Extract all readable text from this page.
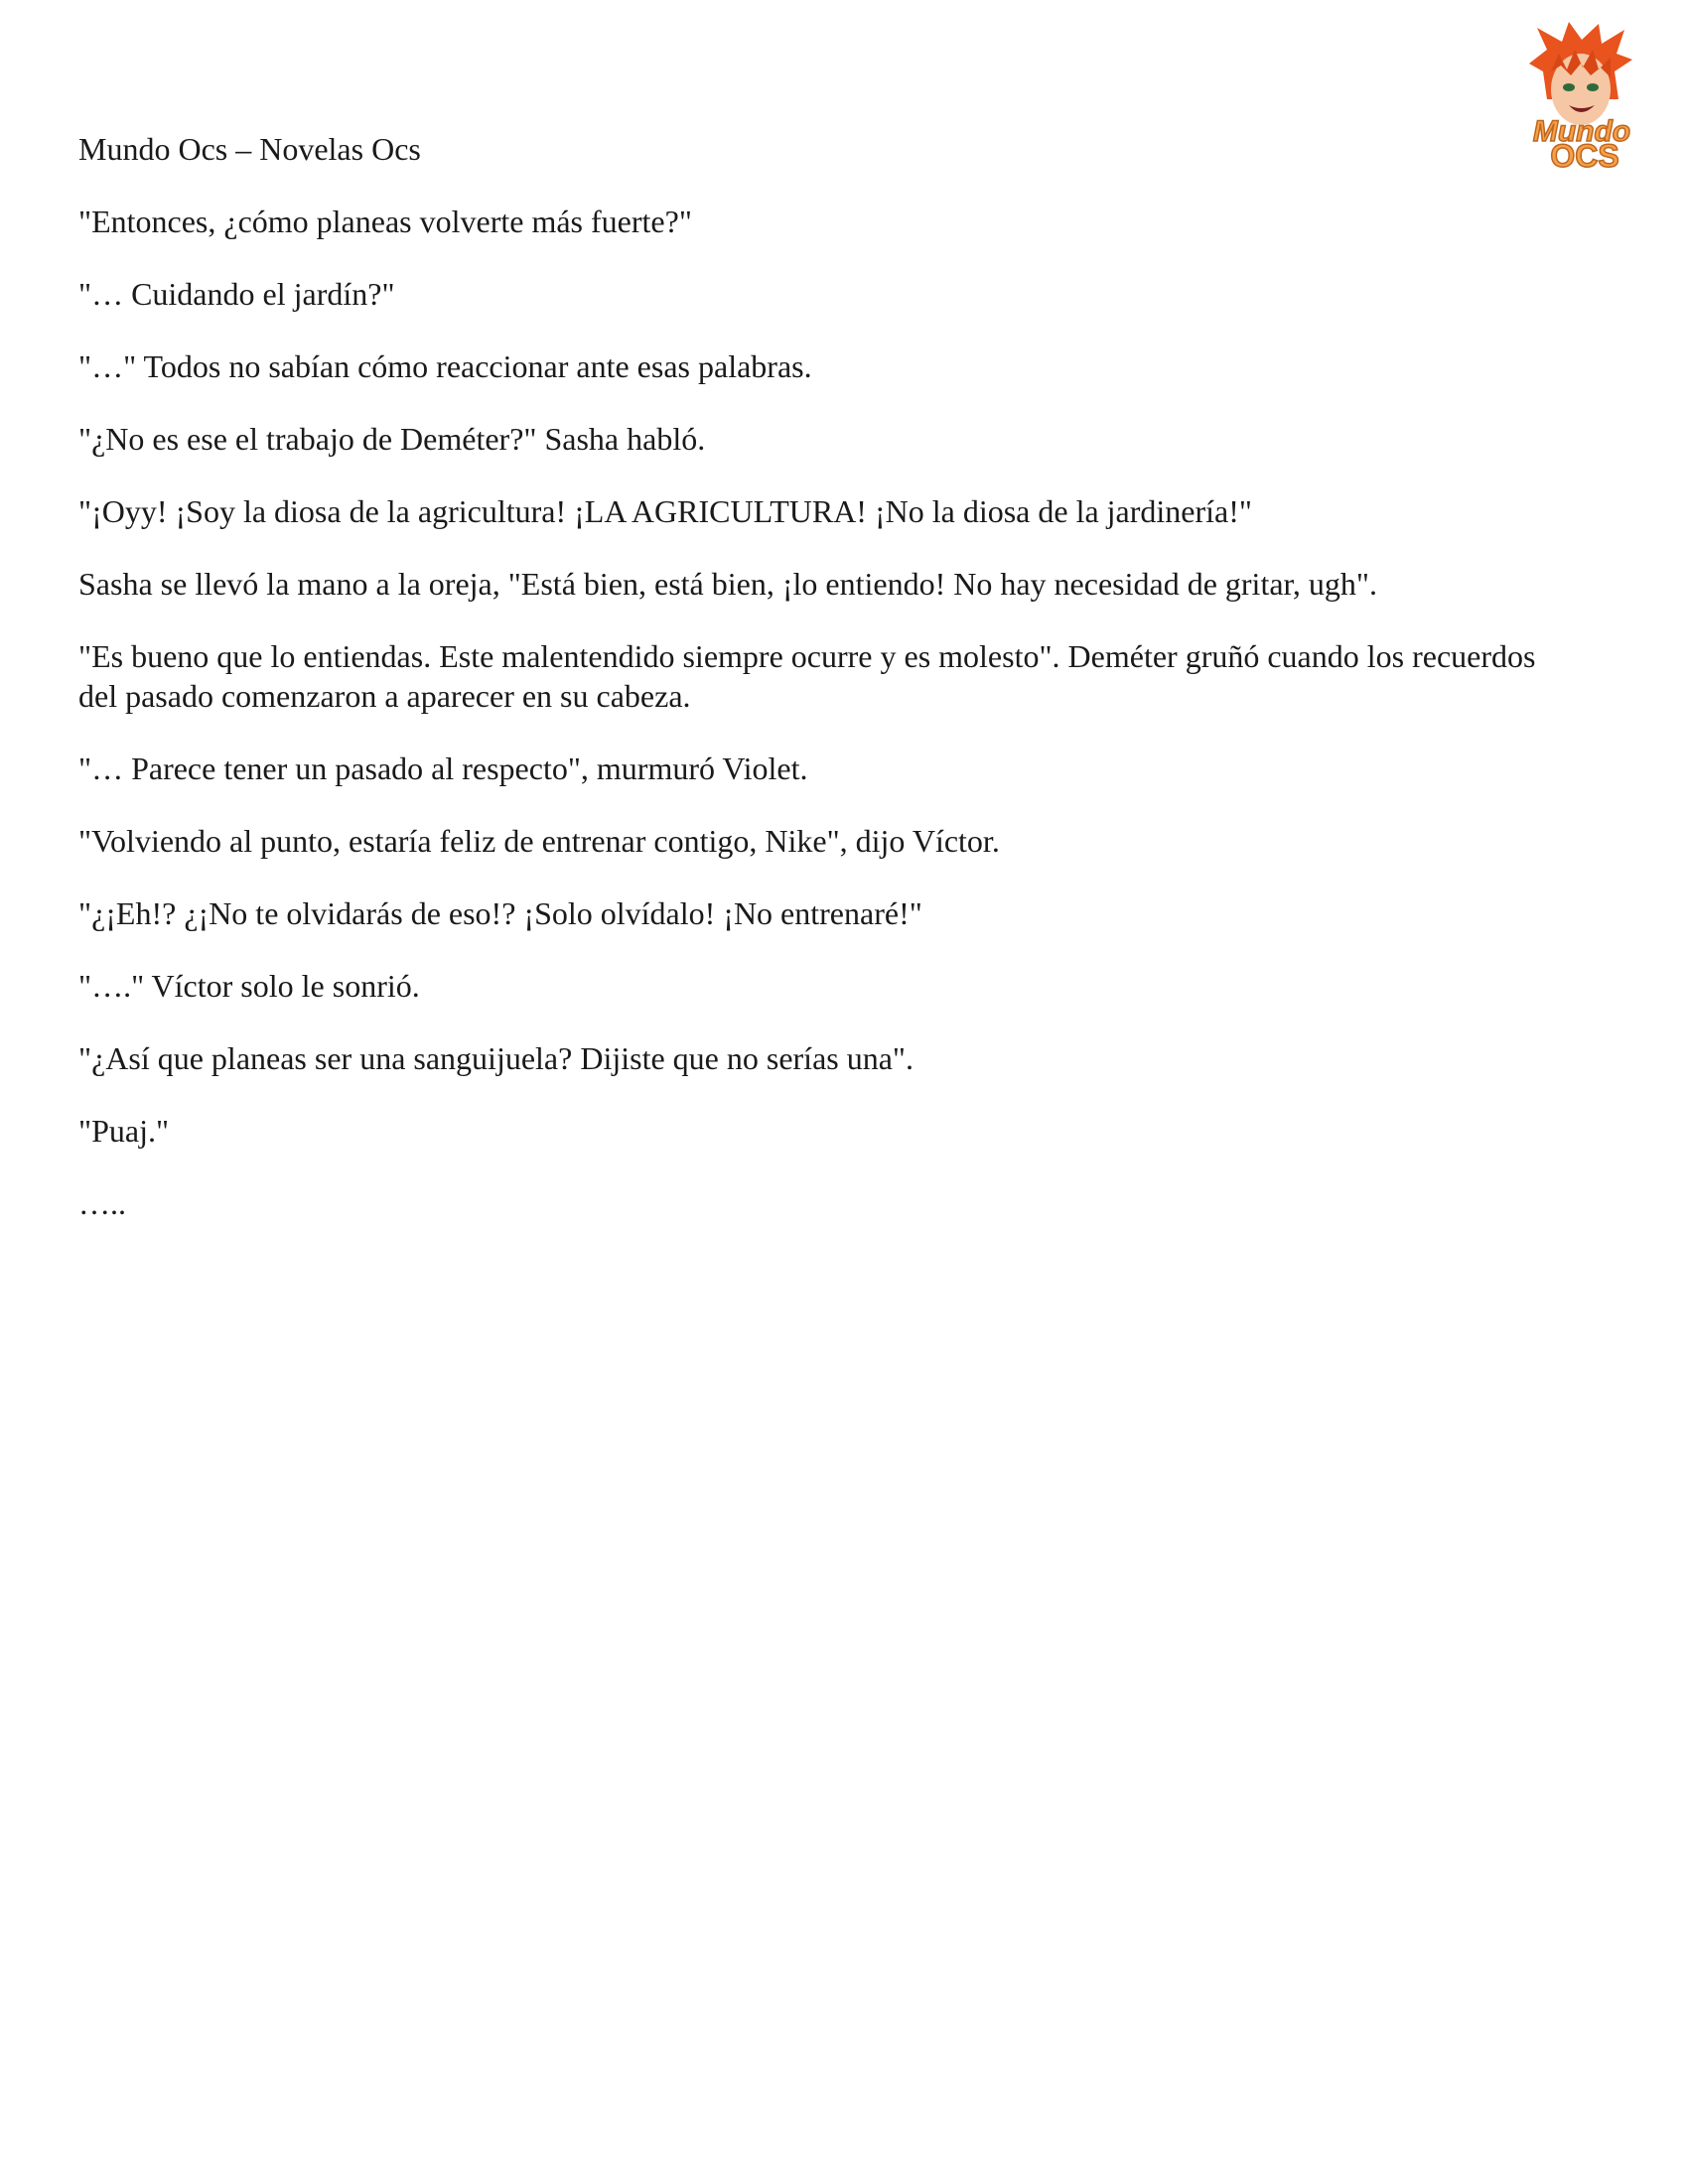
Mundo
OCS

Mundo Ocs – Novelas Ocs

"Entonces, ¿cómo planeas volverte más fuerte?"

"… Cuidando el jardín?"

"…" Todos no sabían cómo reaccionar ante esas palabras.

"¿No es ese el trabajo de Deméter?" Sasha habló.

"¡Oyy! ¡Soy la diosa de la agricultura! ¡LA AGRICULTURA! ¡No la diosa de la jardinería!"

Sasha se llevó la mano a la oreja, "Está bien, está bien, ¡lo entiendo! No hay necesidad de gritar, ugh".

"Es bueno que lo entiendas. Este malentendido siempre ocurre y es molesto". Deméter gruñó cuando los recuerdos del pasado comenzaron a aparecer en su cabeza.

"… Parece tener un pasado al respecto", murmuró Violet.

"Volviendo al punto, estaría feliz de entrenar contigo, Nike", dijo Víctor.

"¿¡Eh!? ¿¡No te olvidarás de eso!? ¡Solo olvídalo! ¡No entrenaré!"

"…." Víctor solo le sonrió.

"¿Así que planeas ser una sanguijuela? Dijiste que no serías una".

"Puaj."

…..
